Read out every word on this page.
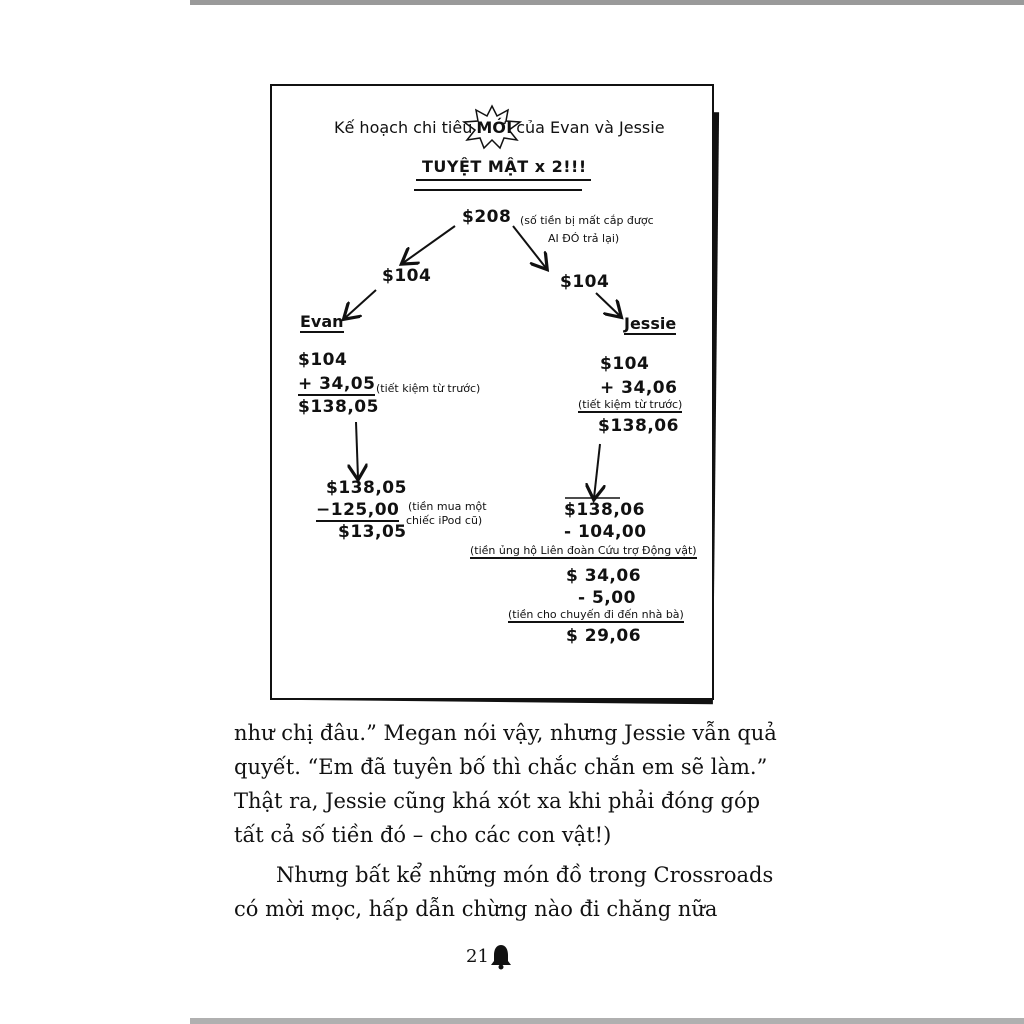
Kế hoạch chi tiêu MỚI của Evan và Jessie
TUYỆT MẬT x 2!!!
$208 (số tiền bị mất cắp được
AI ĐÓ trả lại)
$104	$104
Evan
$104
+ 34,05 (tiết kiệm từ trước)
$138,05
$138,05
−125,00 (tiền mua một
chiếc iPod cũ)
$13,05
Jessie
$104
+ 34,06
(tiết kiệm từ trước)
$138,06
$138,06
- 104,00
(tiền ủng hộ Liên đoàn Cứu trợ Động vật)
$ 34,06
- 5,00
(tiền cho chuyến đi đến nhà bà)
$ 29,06
như chị đâu.” Megan nói vậy, nhưng Jessie vẫn quả
quyết. “Em đã tuyên bố thì chắc chắn em sẽ làm.”
Thật ra, Jessie cũng khá xót xa khi phải đóng góp
tất cả số tiền đó – cho các con vật!)
Nhưng bất kể những món đồ trong Crossroads
có mời mọc, hấp dẫn chừng nào đi chăng nữa
21
